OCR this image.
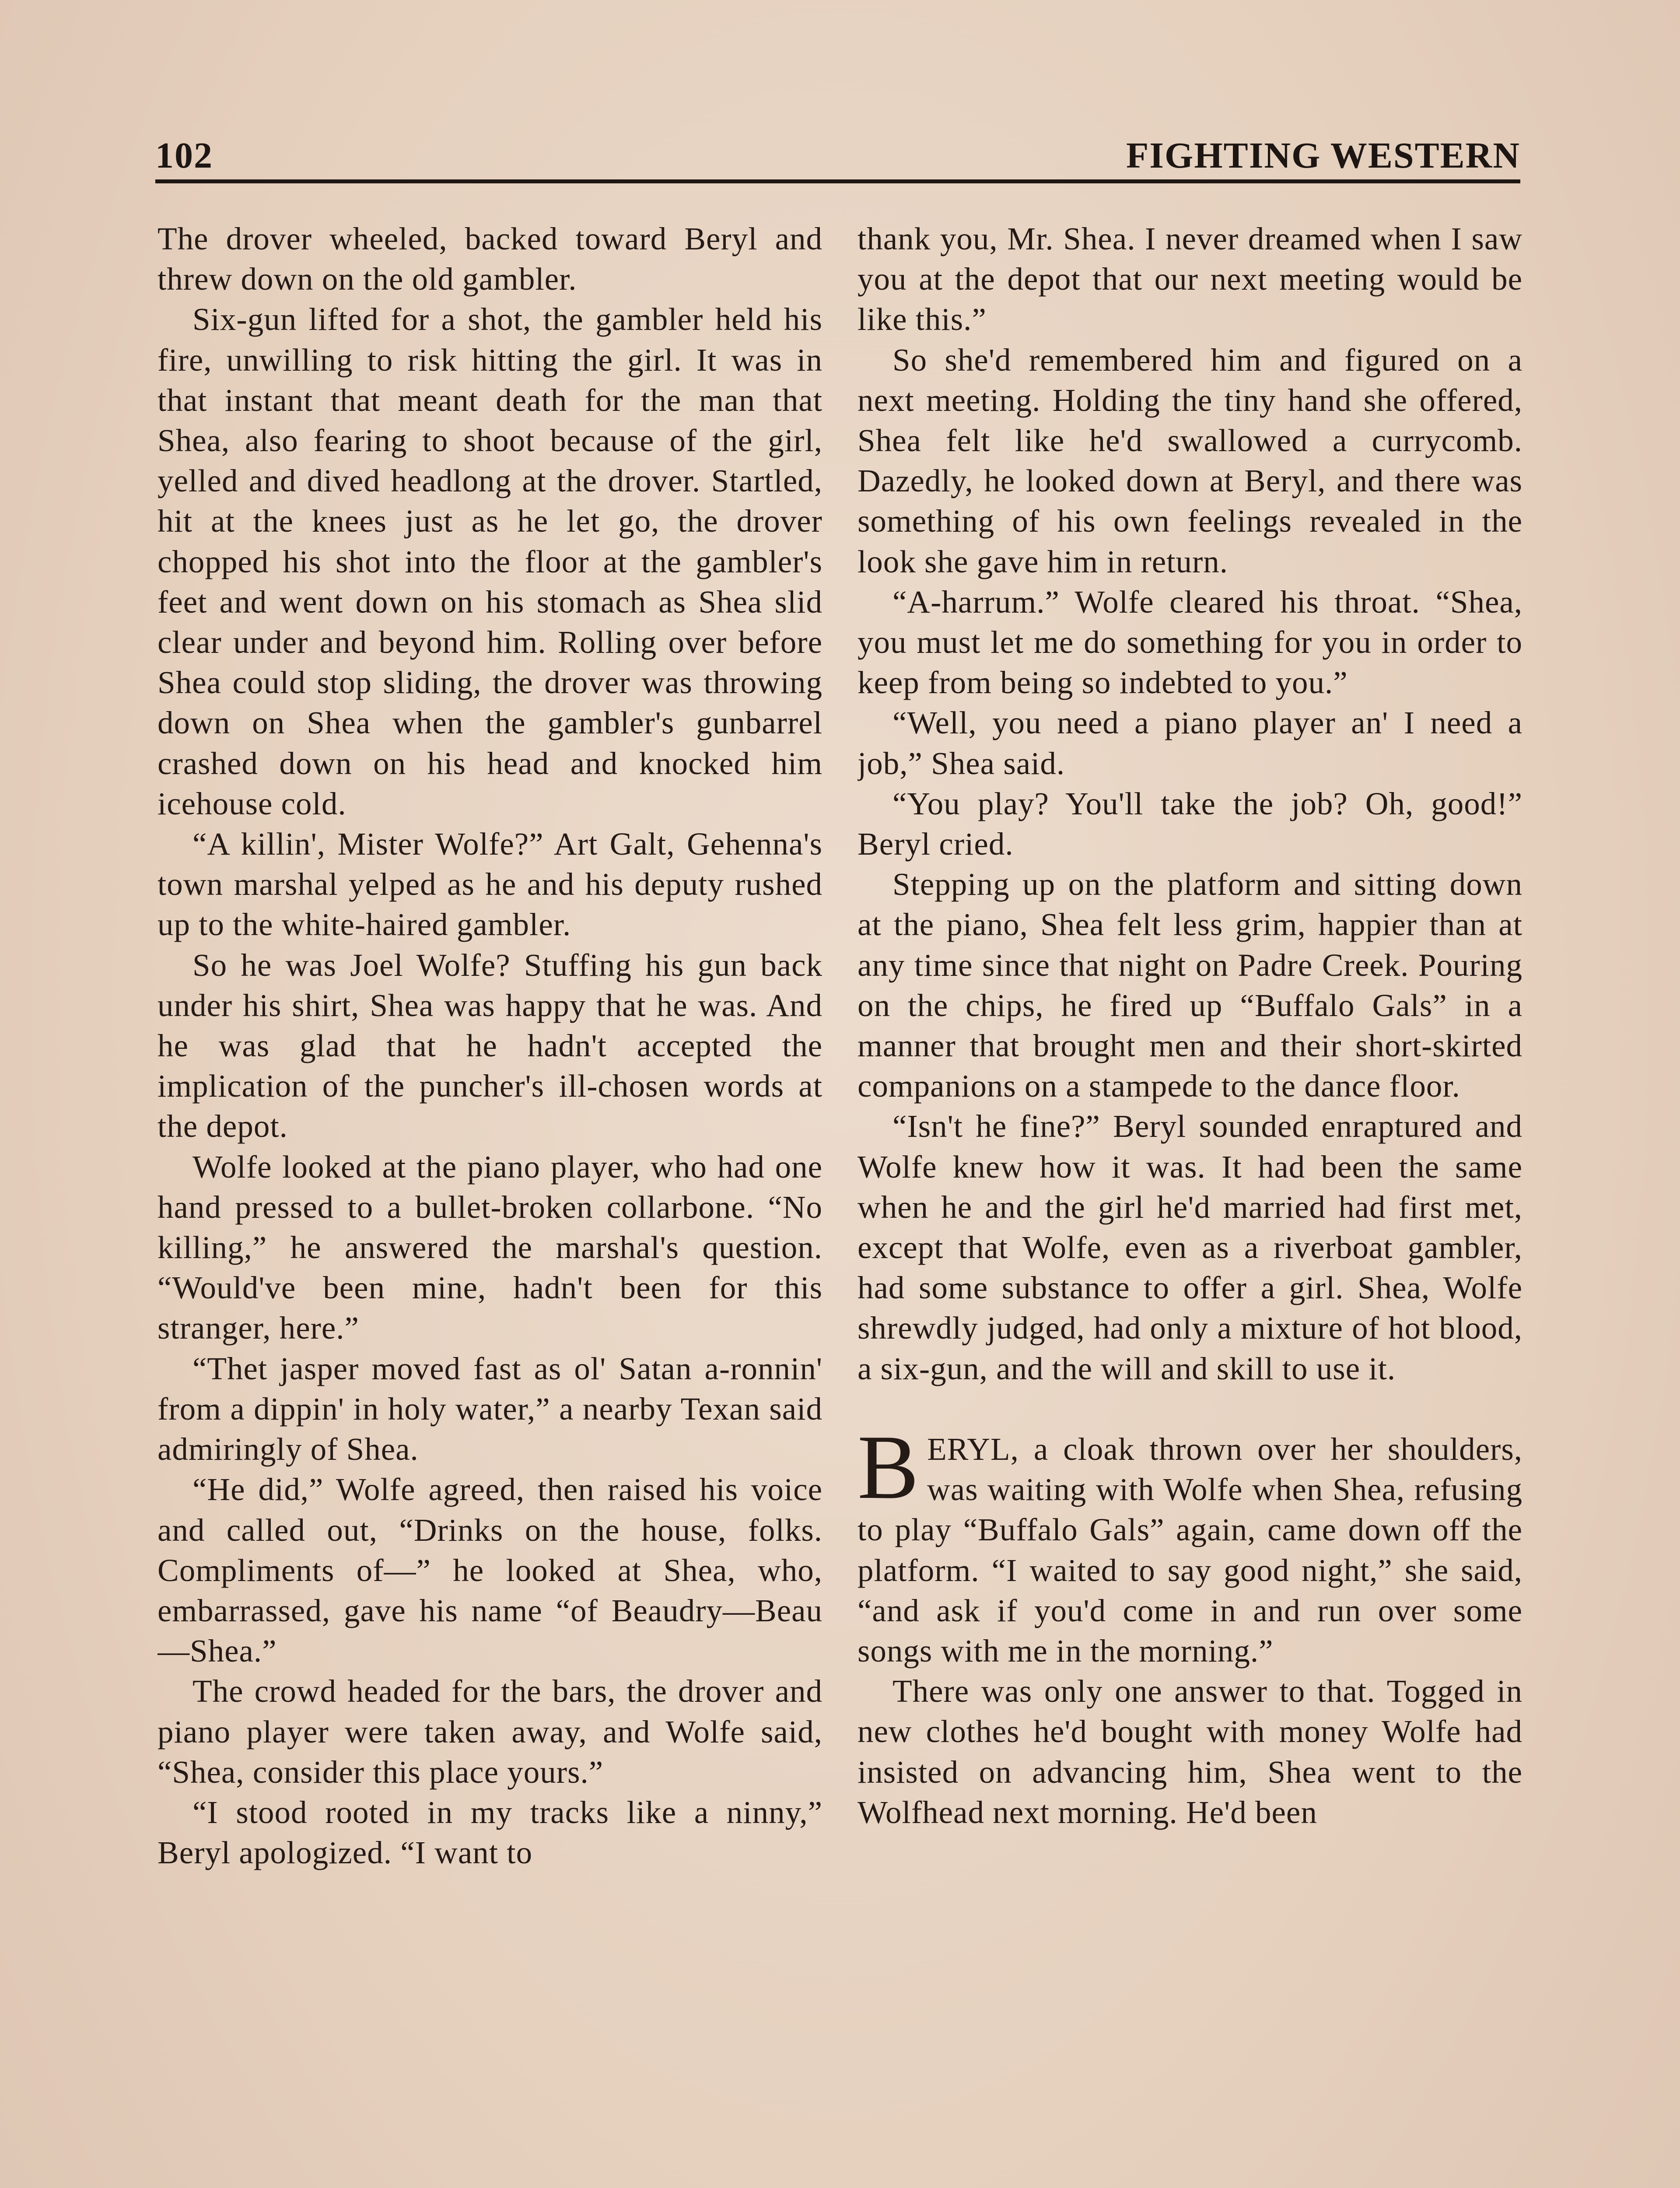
102	FIGHTING WESTERN

The drover wheeled, backed toward Beryl and threw down on the old gambler.

Six-gun lifted for a shot, the gambler held his fire, unwilling to risk hitting the girl. It was in that instant that meant death for the man that Shea, also fearing to shoot because of the girl, yelled and dived headlong at the drover. Startled, hit at the knees just as he let go, the drover chopped his shot into the floor at the gambler's feet and went down on his stomach as Shea slid clear under and beyond him. Rolling over before Shea could stop sliding, the drover was throwing down on Shea when the gambler's gunbarrel crashed down on his head and knocked him icehouse cold.

“A killin', Mister Wolfe?” Art Galt, Gehenna's town marshal yelped as he and his deputy rushed up to the white-haired gambler.

So he was Joel Wolfe? Stuffing his gun back under his shirt, Shea was happy that he was. And he was glad that he hadn't accepted the implication of the puncher's ill-chosen words at the depot.

Wolfe looked at the piano player, who had one hand pressed to a bullet-broken collarbone. “No killing,” he answered the marshal's question. “Would've been mine, hadn't been for this stranger, here.”

“Thet jasper moved fast as ol' Satan a-ronnin' from a dippin' in holy water,” a nearby Texan said admiringly of Shea.

“He did,” Wolfe agreed, then raised his voice and called out, “Drinks on the house, folks. Compliments of—” he looked at Shea, who, embarrassed, gave his name “of Beaudry—Beau—Shea.”

The crowd headed for the bars, the drover and piano player were taken away, and Wolfe said, “Shea, consider this place yours.”

“I stood rooted in my tracks like a ninny,” Beryl apologized. “I want to

thank you, Mr. Shea. I never dreamed when I saw you at the depot that our next meeting would be like this.”

So she'd remembered him and figured on a next meeting. Holding the tiny hand she offered, Shea felt like he'd swallowed a currycomb. Dazedly, he looked down at Beryl, and there was something of his own feelings revealed in the look she gave him in return.

“A-harrum.” Wolfe cleared his throat. “Shea, you must let me do something for you in order to keep from being so indebted to you.”

“Well, you need a piano player an' I need a job,” Shea said.

“You play? You'll take the job? Oh, good!” Beryl cried.

Stepping up on the platform and sitting down at the piano, Shea felt less grim, happier than at any time since that night on Padre Creek. Pouring on the chips, he fired up “Buffalo Gals” in a manner that brought men and their short-skirted companions on a stampede to the dance floor.

“Isn't he fine?” Beryl sounded enraptured and Wolfe knew how it was. It had been the same when he and the girl he'd married had first met, except that Wolfe, even as a riverboat gambler, had some substance to offer a girl. Shea, Wolfe shrewdly judged, had only a mixture of hot blood, a six-gun, and the will and skill to use it.

BERYL, a cloak thrown over her shoulders, was waiting with Wolfe when Shea, refusing to play “Buffalo Gals” again, came down off the platform. “I waited to say good night,” she said, “and ask if you'd come in and run over some songs with me in the morning.”

There was only one answer to that. Togged in new clothes he'd bought with money Wolfe had insisted on advancing him, Shea went to the Wolfhead next morning. He'd been
